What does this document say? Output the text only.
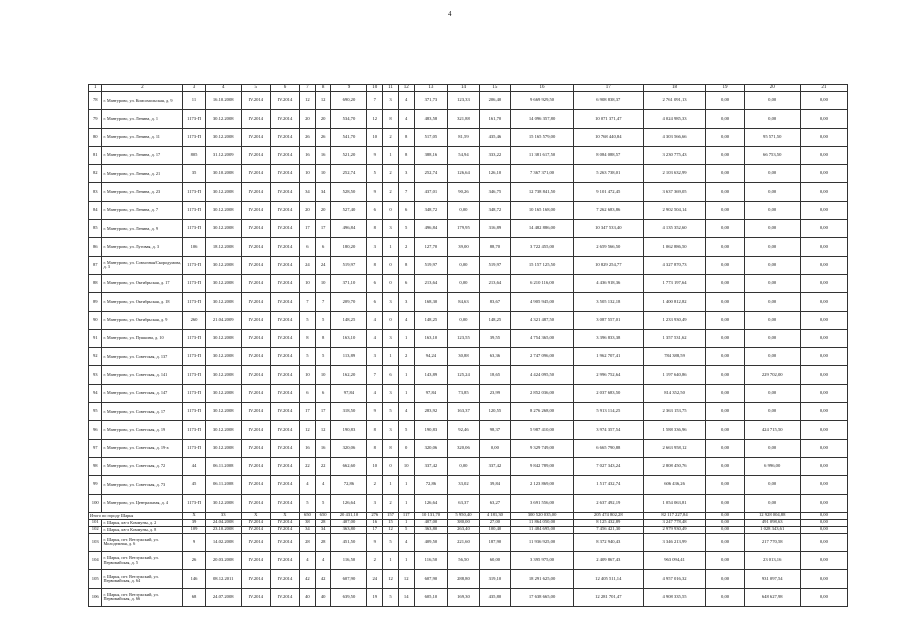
4
1	2	3	4	5	6	7	8	9	10	11	12	13	14	15	16	17	18	19	20	21
78	г. Мантурово, ул. Комсомольская, д. 9	11	16.10.2008	IV.2014	IV.2014	12	12	690,20	7	3	4	371,73	123,33	206,40	9 669 929,50	6 908 838,37	2 761 091,13	0,00	0,00	0,00
79	г. Мантурово, ул. Ленина, д. 1	1173-П	30.12.2008	IV.2014	IV.2014	20	20	534,70	12	8	4	483,58	321,88	161,70	14 096 357,80	10 071 371,47	4 024 985,33	0,00	0,00	0,00
80	г. Мантурово, ул. Ленина, д. 11	1173-П	30.12.2008	IV.2014	IV.2014	26	26	541,70	10	2	8	517,05	81,59	435,46	15 165 579,00	10 768 440,84	4 303 566,66	0,00	95 571,50	0,00
81	г. Мантурово, ул. Ленина, д. 17	805	31.12.2009	IV.2014	IV.2014	16	16	521,20	9	1	8	388,16	54,94	333,22	11 381 617,50	8 084 088,57	3 230 775,43	0,00	66 753,50	0,00
82	г. Мантурово, ул. Ленина, д. 21	35	30.10.2008	IV.2014	IV.2014	10	10	252,74	5	2	3	252,74	126,64	126,10	7 367 371,00	5 263 738,01	2 103 632,99	0,00	0,00	0,00
83	г. Мантурово, ул. Ленина, д. 23	1173-П	30.12.2008	IV.2014	IV.2014	34	34	528,50	9	2	7	437,01	90,26	346,75	12 738 841,50	9 101 472,45	3 637 369,05	0,00	0,00	0,00
84	г. Мантурово, ул. Ленина, д. 7	1173-П	30.12.2008	IV.2014	IV.2014	20	20	527,40	6	0	6	348,72	0,00	348,72	10 165 168,00	7 262 683,86	2 902 504,14	0,00	0,00	0,00
85	г. Мантурово, ул. Ленина, д. 9	1173-П	30.12.2008	IV.2014	IV.2014	17	17	496,84	8	3	5	496,84	179,95	316,89	14 482 886,00	10 347 533,40	4 135 352,60	0,00	0,00	0,00
86	г. Мантурово, ул. Луговая, д. 3	106	18.12.2008	IV.2014	IV.2014	6	6	180,20	3	1	2	127,70	39,00	88,70	3 722 455,00	2 659 566,50	1 062 886,50	0,00	0,00	0,00
87	г. Мантурово, ул. Совхозная/Скородумова, д. 3	1173-П	30.12.2008	IV.2014	IV.2014	24	24	519,97	8	0	8	519,97	0,00	519,97	15 157 125,50	10 829 254,77	4 327 870,73	0,00	0,00	0,00
88	г. Мантурово, ул. Октябрьская, д. 17	1173-П	30.12.2008	IV.2014	IV.2014	10	10	371,10	6	0	6	213,64	0,00	213,64	6 210 116,00	4 436 918,36	1 773 197,64	0,00	0,00	0,00
89	г. Мантурово, ул. Октябрьская, д. 18	1173-П	30.12.2008	IV.2014	IV.2014	7	7	209,70	6	3	3	168,30	84,63	83,67	4 905 945,00	3 505 132,18	1 400 812,82	0,00	0,00	0,00
90	г. Мантурово, ул. Октябрьская, д. 9	260	21.04.2009	IV.2014	IV.2014	5	5	148,25	4	0	4	148,25	0,00	148,25	4 321 487,50	3 087 557,01	1 233 930,49	0,00	0,00	0,00
91	г. Мантурово, ул. Пушкина, д. 10	1173-П	30.12.2008	IV.2014	IV.2014	8	8	163,10	4	3	1	163,10	123,55	39,55	4 754 365,00	3 396 833,38	1 357 531,62	0,00	0,00	0,00
92	г. Мантурово, ул. Советская, д. 137	1173-П	30.12.2008	IV.2014	IV.2014	5	5	113,89	3	1	2	94,24	30,88	63,36	2 747 096,00	1 962 707,41	784 388,59	0,00	0,00	0,00
93	г. Мантурово, ул. Советская, д. 141	1173-П	30.12.2008	IV.2014	IV.2014	10	10	162,20	7	6	1	143,89	125,24	18,65	4 424 095,50	2 996 752,64	1 197 640,86	0,00	229 702,00	0,00
94	г. Мантурово, ул. Советская, д. 147	1173-П	30.12.2008	IV.2014	IV.2014	6	6	97,84	4	3	1	97,84	73,85	23,99	2 852 036,00	2 037 683,50	814 352,50	0,00	0,00	0,00
95	г. Мантурово, ул. Советская, д. 17	1173-П	30.12.2008	IV.2014	IV.2014	17	17	318,50	9	5	4	283,92	163,37	120,55	8 276 268,00	5 913 114,25	2 363 153,75	0,00	0,00	0,00
96	г. Мантурово, ул. Советская, д. 19	1173-П	30.12.2008	IV.2014	IV.2014	12	12	190,83	8	3	5	190,83	92,46	98,37	5 987 410,00	3 974 357,54	1 588 336,96	0,00	424 715,50	0,00
97	г. Мантурово, ул. Советская, д. 19-а	1173-П	30.12.2008	IV.2014	IV.2014	16	16	320,06	8	8	0	320,06	320,06	0,00	9 329 749,00	6 665 790,88	2 663 958,12	0,00	0,00	0,00
98	г. Мантурово, ул. Советская, д. 72	44	06.11.2008	IV.2014	IV.2014	22	22	662,60	10	0	10	337,42	0,00	337,42	9 842 789,00	7 027 343,24	2 808 450,76	0,00	6 996,00	0,00
99	г. Мантурово, ул. Советская, д. 73	45	06.11.2008	IV.2014	IV.2014	4	4	72,86	2	1	1	72,86	33,02	39,84	2 123 869,00	1 517 432,74	606 436,26	0,00	0,00	0,00
100	г. Мантурово, ул. Центральная, д. 4	1173-П	30.12.2008	IV.2014	IV.2014	5	5	126,64	3	2	1	126,64	63,37	63,27	3 691 556,00	2 637 492,19	1 054 063,81	0,00	0,00	0,00
Итого по городу Шарья		X	33	X	X	650	650	20 431,10	276	157	117	10 131,70	5 950,40	4 181,30	300 520 035,00	205 474 802,28	82 117 227,84	0,00	12 928 004,88	0,00
101	г. Шарья, кв-л Коммуны, д. 2	39	24.04.2008	IV.2014	IV.2014	38	28	407,00	16	15	1	407,00	380,00	27,00	11 864 050,00	8 125 432,89	3 247 778,48	0,00	491 098,63	0,00
102	г. Шарья, кв-л Коммуны, д. 8	109	23.10.2008	IV.2014	IV.2014	34	34	363,80	17	12	5	363,80	263,40	100,40	11 484 695,00	7 456 421,30	2 979 930,49	0,00	1 028 343,61	0,00
103	г. Шарья, пгт. Ветлужский, ул. Молодежная, д. 6	9	14.02.2008	IV.2014	IV.2014	28	28	451,50	9	5	4	409,50	221,60	187,90	11 936 925,00	8 372 940,43	3 346 213,99	0,00	217 770,58	0,00
104	г. Шарья, пгт. Ветлужский, ул. Первомайская, д. 5	26	20.03.2008	IV.2014	IV.2014	4	4	116,50	2	1	1	116,50	56,50	60,00	3 395 975,00	2 409 867,43	963 094,41	0,00	23 013,16	0,00
105	г. Шарья, пгт. Ветлужский, ул. Первомайская, д. 64	146	08.12.2011	IV.2014	IV.2014	42	42	607,90	24	12	12	607,90	288,80	319,10	18 291 625,00	12 405 511,14	4 957 016,32	0,00	931 097,54	0,00
106	г. Шарья, пгт. Ветлужский, ул. Первомайская, д. 66	68	24.07.2008	IV.2014	IV.2014	40	40	639,50	19	5	14	605,10	169,30	435,80	17 638 665,00	12 281 701,47	4 908 335,55	0,00	648 627,98	0,00
